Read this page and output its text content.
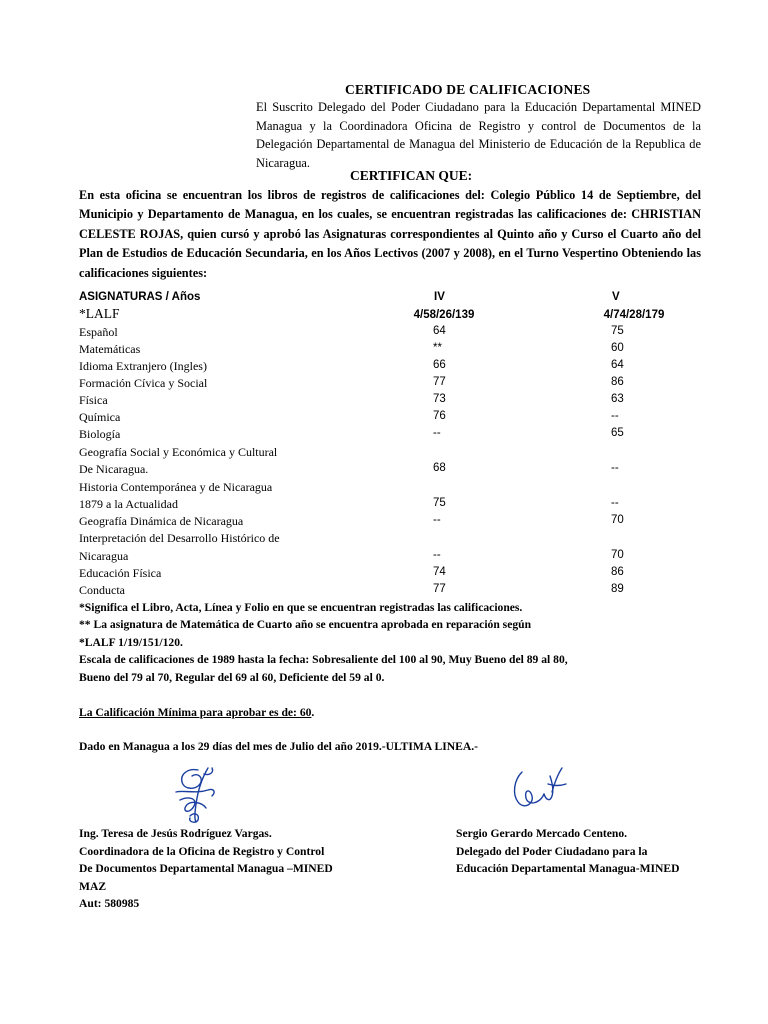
CERTIFICADO DE CALIFICACIONES

El Suscrito Delegado del Poder Ciudadano para la Educación Departamental MINED Managua y la Coordinadora Oficina de Registro y control de Documentos de la Delegación Departamental de Managua del Ministerio de Educación de la Republica de Nicaragua.

CERTIFICAN QUE:

En esta oficina se encuentran los libros de registros de calificaciones del: Colegio Público 14 de Septiembre, del Municipio y Departamento de Managua, en los cuales, se encuentran registradas las calificaciones de: CHRISTIAN CELESTE ROJAS, quien cursó y aprobó las Asignaturas correspondientes al Quinto año y Curso el Cuarto año del Plan de Estudios de Educación Secundaria, en los Años Lectivos (2007 y 2008), en el Turno Vespertino Obteniendo las calificaciones siguientes:

ASIGNATURAS / Años	IV	V
*LALF	4/58/26/139	4/74/28/179
Español	64	75
Matemáticas	**	60
Idioma Extranjero (Ingles)	66	64
Formación Cívica y Social	77	86
Física	73	63
Química	76	--
Biología	--	65
Geografía Social y Económica y Cultural
De Nicaragua.	68	--
Historia Contemporánea y de Nicaragua
1879 a la Actualidad	75	--
Geografía Dinámica de Nicaragua	--	70
Interpretación del Desarrollo Histórico de
Nicaragua	--	70
Educación Física	74	86
Conducta	77	89
*Significa el Libro, Acta, Línea y Folio en que se encuentran registradas las calificaciones.
** La asignatura de Matemática de Cuarto año se encuentra aprobada en reparación según
*LALF 1/19/151/120.
Escala de calificaciones de 1989 hasta la fecha: Sobresaliente del 100 al 90, Muy Bueno del 89 al 80,
Bueno del 79 al 70, Regular del 69 al 60, Deficiente del 59 al 0.
La Calificación Mínima para aprobar es de: 60.
Dado en Managua a los 29 días del mes de Julio del año 2019.-ULTIMA LINEA.-
Ing. Teresa de Jesús Rodríguez Vargas.
Coordinadora de la Oficina de Registro y Control
De Documentos Departamental Managua –MINED
MAZ
Aut: 580985
Sergio Gerardo Mercado Centeno.
Delegado del Poder Ciudadano para la
Educación Departamental Managua-MINED
